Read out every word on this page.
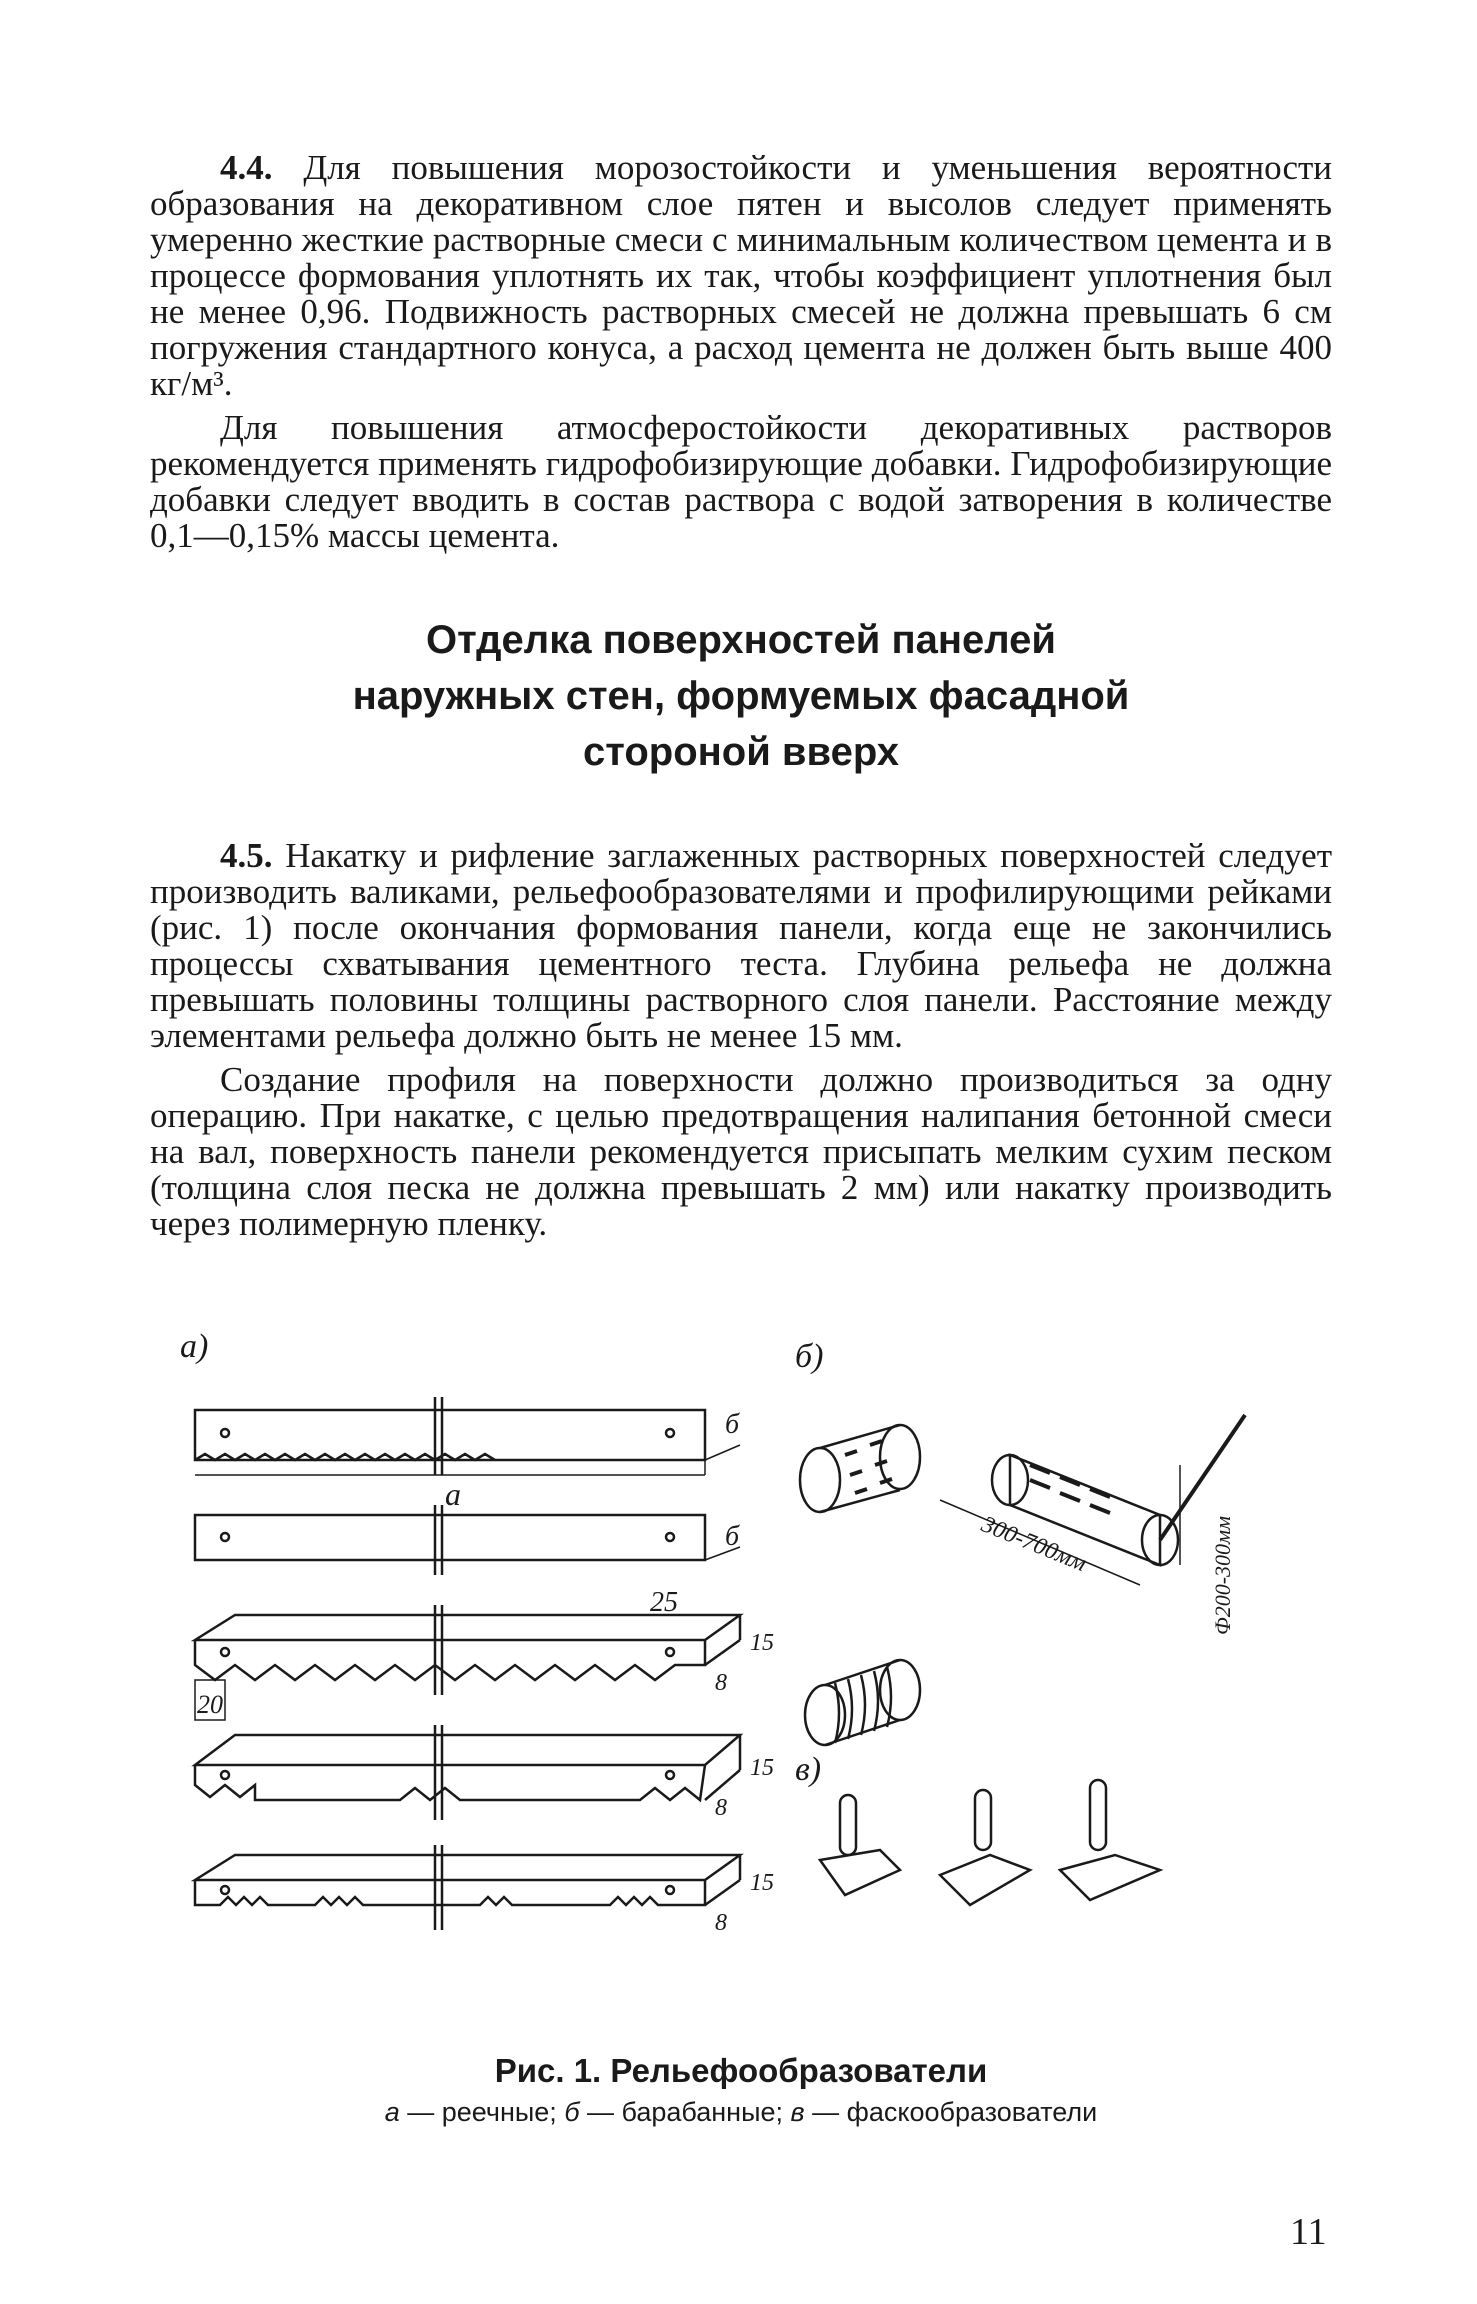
4.4. Для повышения морозостойкости и уменьшения вероятности образования на декоративном слое пятен и высолов следует применять умеренно жесткие растворные смеси с минимальным количеством цемента и в процессе формования уплотнять их так, чтобы коэффициент уплотнения был не менее 0,96. Подвижность растворных смесей не должна превышать 6 см погружения стандартного конуса, а расход цемента не должен быть выше 400 кг/м³.

Для повышения атмосферостойкости декоративных растворов рекомендуется применять гидрофобизирующие добавки. Гидрофобизирующие добавки следует вводить в состав раствора с водой затворения в количестве 0,1—0,15% массы цемента.

Отделка поверхностей панелей
наружных стен, формуемых фасадной
стороной вверх

4.5. Накатку и рифление заглаженных растворных поверхностей следует производить валиками, рельефообразователями и профилирующими рейками (рис. 1) после окончания формования панели, когда еще не закончились процессы схватывания цементного теста. Глубина рельефа не должна превышать половины толщины растворного слоя панели. Расстояние между элементами рельефа должно быть не менее 15 мм.

Создание профиля на поверхности должно производиться за одну операцию. При накатке, с целью предотвращения налипания бетонной смеси на вал, поверхность панели рекомендуется присыпать мелким сухим песком (толщина слоя песка не должна превышать 2 мм) или накатку производить через полимерную пленку.

а)	б)
в)
а
б
б
25
20
15
15
15
8
8
8
300-700мм	Ф200-300мм
Рис. 1. Рельефообразователи
а — реечные; б — барабанные; в — фаскообразователи
11
